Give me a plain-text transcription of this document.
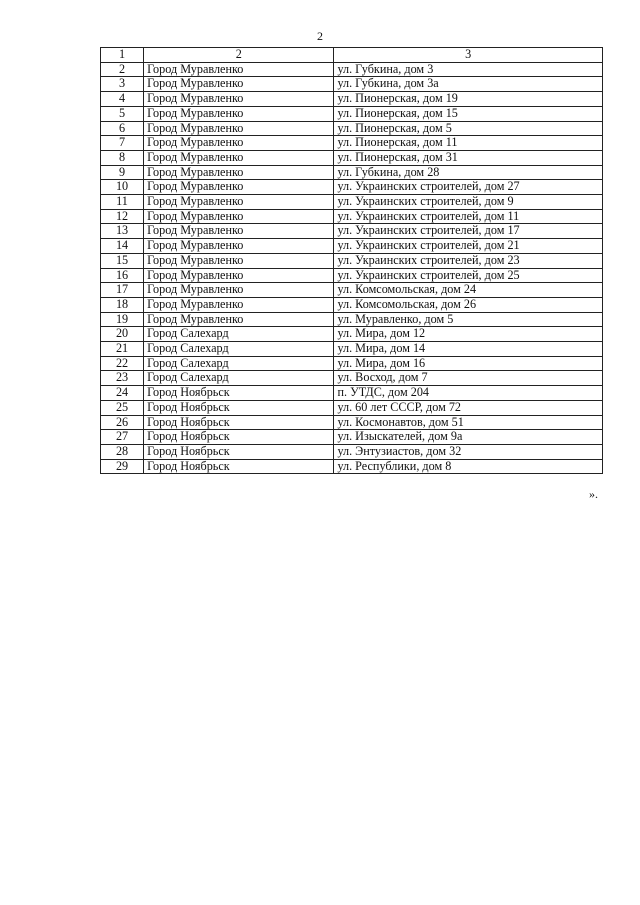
2
1	2	3
2	Город Муравленко	ул. Губкина, дом 3
3	Город Муравленко	ул. Губкина, дом 3а
4	Город Муравленко	ул. Пионерская, дом 19
5	Город Муравленко	ул. Пионерская, дом 15
6	Город Муравленко	ул. Пионерская, дом 5
7	Город Муравленко	ул. Пионерская, дом 11
8	Город Муравленко	ул. Пионерская, дом 31
9	Город Муравленко	ул. Губкина, дом 28
10	Город Муравленко	ул. Украинских строителей, дом 27
11	Город Муравленко	ул. Украинских строителей, дом 9
12	Город Муравленко	ул. Украинских строителей, дом 11
13	Город Муравленко	ул. Украинских строителей, дом 17
14	Город Муравленко	ул. Украинских строителей, дом 21
15	Город Муравленко	ул. Украинских строителей, дом 23
16	Город Муравленко	ул. Украинских строителей, дом 25
17	Город Муравленко	ул. Комсомольская, дом 24
18	Город Муравленко	ул. Комсомольская, дом 26
19	Город Муравленко	ул. Муравленко, дом 5
20	Город Салехард	ул. Мира, дом 12
21	Город Салехард	ул. Мира, дом 14
22	Город Салехард	ул. Мира, дом 16
23	Город Салехард	ул. Восход, дом 7
24	Город Ноябрьск	п. УТДС, дом 204
25	Город Ноябрьск	ул. 60 лет СССР, дом 72
26	Город Ноябрьск	ул. Космонавтов, дом 51
27	Город Ноябрьск	ул. Изыскателей, дом 9а
28	Город Ноябрьск	ул. Энтузиастов, дом 32
29	Город Ноябрьск	ул. Республики, дом 8
».
